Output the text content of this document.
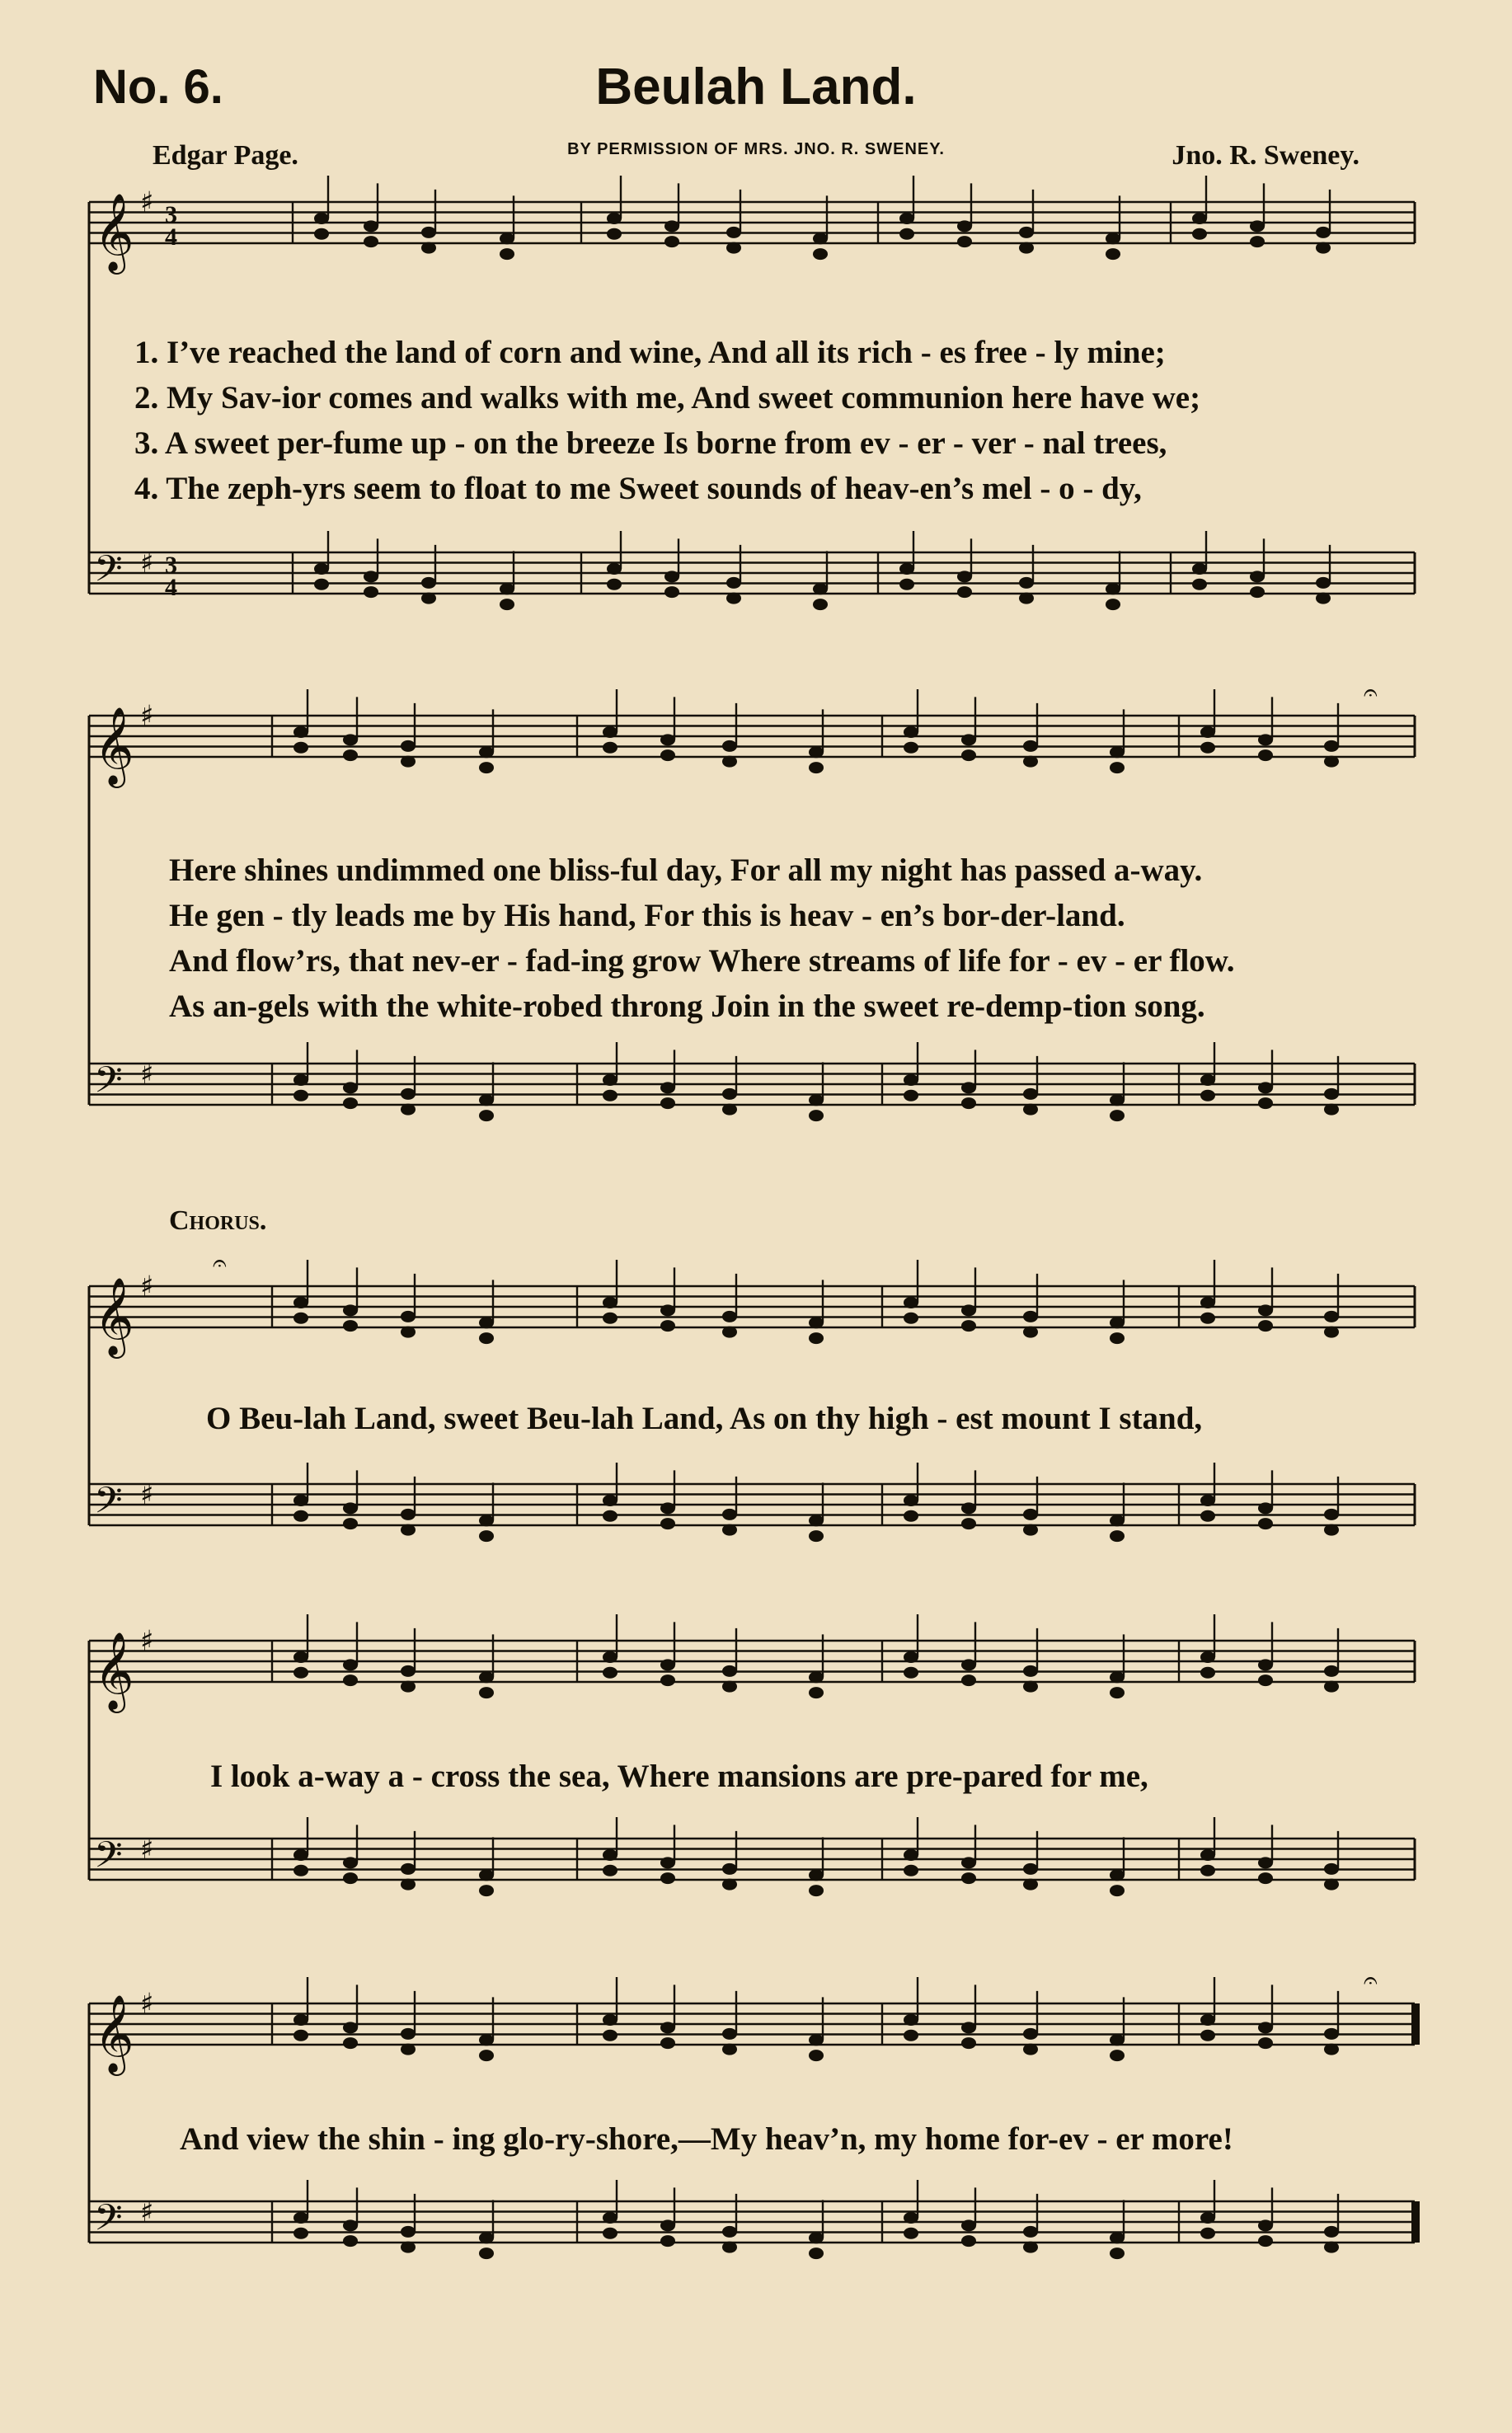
No. 6.	Beulah Land.
Edgar Page.	BY PERMISSION OF MRS. JNO. R. SWENEY.	Jno. R. Sweney.
𝄞 ♯ 3
4
𝄢 ♯ 3
4
𝄞 ♯
𝄢 ♯
𝄐
𝄞 ♯
𝄢 ♯
𝄐
𝄞 ♯
𝄢 ♯
𝄞 ♯
𝄢 ♯
𝄐
1. I’ve reached the land of corn and wine, And all its rich - es free - ly mine;
2. My Sav-ior comes and walks with me, And sweet communion here have we;
3. A sweet per-fume up - on the breeze Is borne from ev - er - ver - nal trees,
4. The zeph-yrs seem to float to me Sweet sounds of heav-en’s mel - o - dy,
Here shines undimmed one bliss-ful day, For all my night has passed a-way.
He gen - tly leads me by His hand, For this is heav - en’s bor-der-land.
And flow’rs, that nev-er - fad-ing grow Where streams of life for - ev - er flow.
As an-gels with the white-robed throng Join in the sweet re-demp-tion song.
Chorus.
O Beu-lah Land, sweet Beu-lah Land, As on thy high - est mount I stand,
I look a-way a - cross the sea, Where mansions are pre-pared for me,
And view the shin - ing glo-ry-shore,—My heav’n, my home for-ev - er more!
